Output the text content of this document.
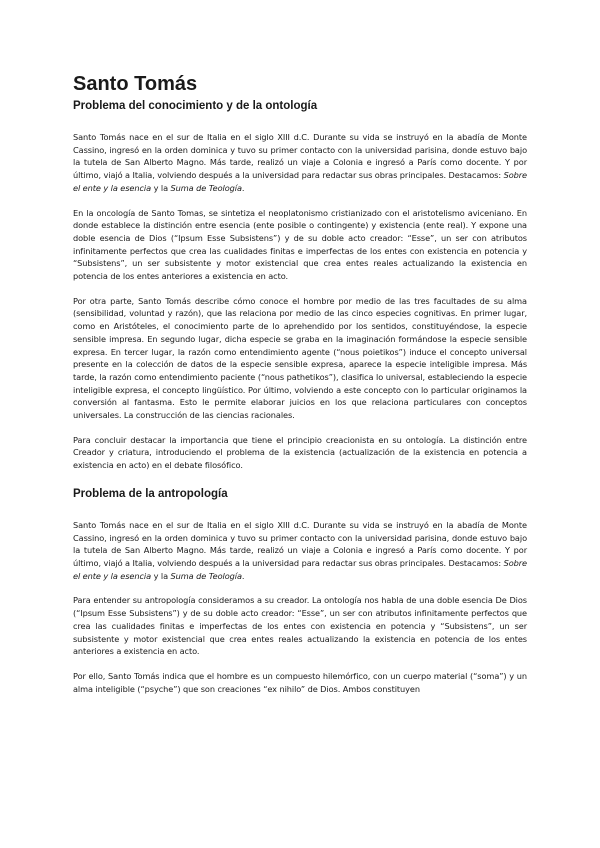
Santo Tomás
Problema del conocimiento y de la ontología

Santo Tomás nace en el sur de Italia en el siglo XIII d.C. Durante su vida se instruyó en la abadía de Monte Cassino, ingresó en la orden dominica y tuvo su primer contacto con la universidad parisina, donde estuvo bajo la tutela de San Alberto Magno. Más tarde, realizó un viaje a Colonia e ingresó a París como docente. Y por último, viajó a Italia, volviendo después a la universidad para redactar sus obras principales. Destacamos: Sobre el ente y la esencia y la Suma de Teología.

En la oncología de Santo Tomas, se sintetiza el neoplatonismo cristianizado con el aristotelismo aviceniano. En donde establece la distinción entre esencia (ente posible o contingente) y existencia (ente real). Y expone una doble esencia de Dios (“Ipsum Esse Subsistens”) y de su doble acto creador: “Esse”, un ser con atributos infinitamente perfectos que crea las cualidades finitas e imperfectas de los entes con existencia en potencia y “Subsistens”, un ser subsistente y motor existencial que crea entes reales actualizando la existencia en potencia de los entes anteriores a existencia en acto.

Por otra parte, Santo Tomás describe cómo conoce el hombre por medio de las tres facultades de su alma (sensibilidad, voluntad y razón), que las relaciona por medio de las cinco especies cognitivas. En primer lugar, como en Aristóteles, el conocimiento parte de lo aprehendido por los sentidos, constituyéndose, la especie sensible impresa. En segundo lugar, dicha especie se graba en la imaginación formándose la especie sensible expresa. En tercer lugar, la razón como entendimiento agente (“nous poietikos”) induce el concepto universal presente en la colección de datos de la especie sensible expresa, aparece la especie inteligible impresa. Más tarde, la razón como entendimiento paciente (“nous pathetikos”), clasifica lo universal, estableciendo la especie inteligible expresa, el concepto lingüístico. Por último, volviendo a este concepto con lo particular originamos la conversión al fantasma. Esto le permite elaborar juicios en los que relaciona particulares con conceptos universales. La construcción de las ciencias racionales.

Para concluir destacar la importancia que tiene el principio creacionista en su ontología. La distinción entre Creador y criatura, introduciendo el problema de la existencia (actualización de la existencia en potencia a existencia en acto) en el debate filosófico.

Problema de la antropología

Santo Tomás nace en el sur de Italia en el siglo XIII d.C. Durante su vida se instruyó en la abadía de Monte Cassino, ingresó en la orden dominica y tuvo su primer contacto con la universidad parisina, donde estuvo bajo la tutela de San Alberto Magno. Más tarde, realizó un viaje a Colonia e ingresó a París como docente. Y por último, viajó a Italia, volviendo después a la universidad para redactar sus obras principales. Destacamos: Sobre el ente y la esencia y la Suma de Teología.

Para entender su antropología consideramos a su creador. La ontología nos habla de una doble esencia De Dios (“Ipsum Esse Subsistens”) y de su doble acto creador: “Esse”, un ser con atributos infinitamente perfectos que crea las cualidades finitas e imperfectas de los entes con existencia en potencia y “Subsistens”, un ser subsistente y motor existencial que crea entes reales actualizando la existencia en potencia de los entes anteriores a existencia en acto.

Por ello, Santo Tomás indica que el hombre es un compuesto hilemórfico, con un cuerpo material (“soma”) y un alma inteligible (“psyche”) que son creaciones “ex nihilo” de Dios. Ambos constituyen
